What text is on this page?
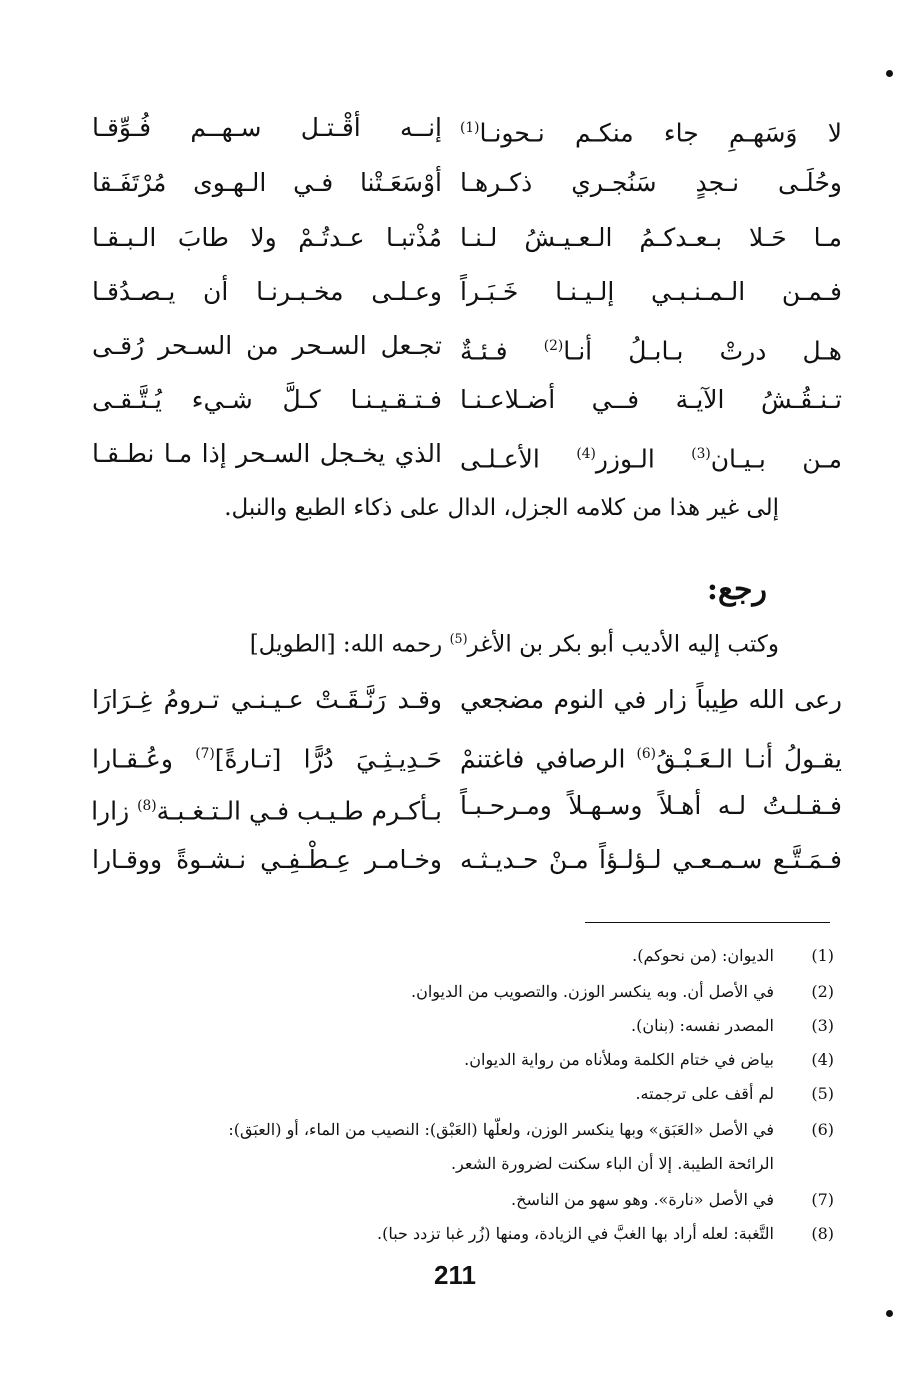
لا وَسَهـمِ جاء منكـم نـحونـا$^{(1)}$
إنــه أقْـتـل سـهــم فُـوِّقـا
وحُلَـى نـجدٍ سَنُجـري ذكـرهـا
أوْسَعَـتْنا فـي الـهـوى مُرْتَفَـقا
مـا حَـلا بـعـدكـمُ الـعـيـشُ لـنـا
مُذْتبـا عـدتُـمْ ولا طابَ الـبـقـا
فـمـن الـمـنـبـي إلـيـنـا خَـبَـراً
وعـلـى مخـبـرنـا أن يـصـدُقـا
هـل درتْ بـابـلُ أنـا$^{(2)}$ فـئـةٌ
تجـعل السـحر من السـحر رُقـى
تـنـقُـشُ الآيـة فــي أضـلاعـنـا
فـتـقـيـنـا كـلَّ شـيء يُـتَّـقـى
مـن بـيـان$^{(3)}$ الـوزر$^{(4)}$ الأعـلـى
الذي يخـجل السـحر إذا مـا نطـقـا
إلى غير هذا من كلامه الجزل، الدال على ذكاء الطبع والنبل.
رجع:
وكتب إليه الأديب أبو بكر بن الأغر$^{(5)}$ رحمه الله: [الطويل]
رعى الله طِيباً زار في النوم مضجعي
وقـد رَنَّـقَـتْ عـيـنـي تـرومُ غِـرَارَا
يقـولُ أنـا الـعَـبْـقُ$^{(6)}$ الرصافي فاغتنمْ
حَـدِيـثِـيَ دُرًّا [تـارةً]$^{(7)}$ وعُـقـارا
فـقـلـتُ لـه أهـلاً وسـهـلاً ومـرحـبـاً
بـأكـرم طـيـب فـي الـتـغـبـة$^{(8)}$ زارا
فـمَـتَّـع سـمـعـي لـؤلـؤاً مـنْ حـديـثـه
وخـامـر عِـطْـفِـي نـشـوةً ووقـارا
(1)
الديوان: (من نحوكم).
(2)
في الأصل أن. وبه ينكسر الوزن. والتصويب من الديوان.
(3)
المصدر نفسه: (بنان).
(4)
بياض في ختام الكلمة وملأناه من رواية الديوان.
(5)
لم أقف على ترجمته.
(6)
في الأصل «العَبَق» وبها ينكسر الوزن، ولعلّها (العَبْق): النصيب من الماء، أو (العبَق):
الرائحة الطيبة. إلا أن الباء سكنت لضرورة الشعر.
(7)
في الأصل «نارة». وهو سهو من الناسخ.
(8)
التَّغبة: لعله أراد بها الغبَّ في الزيادة، ومنها (زُر غبا تزدد حبا).
211
